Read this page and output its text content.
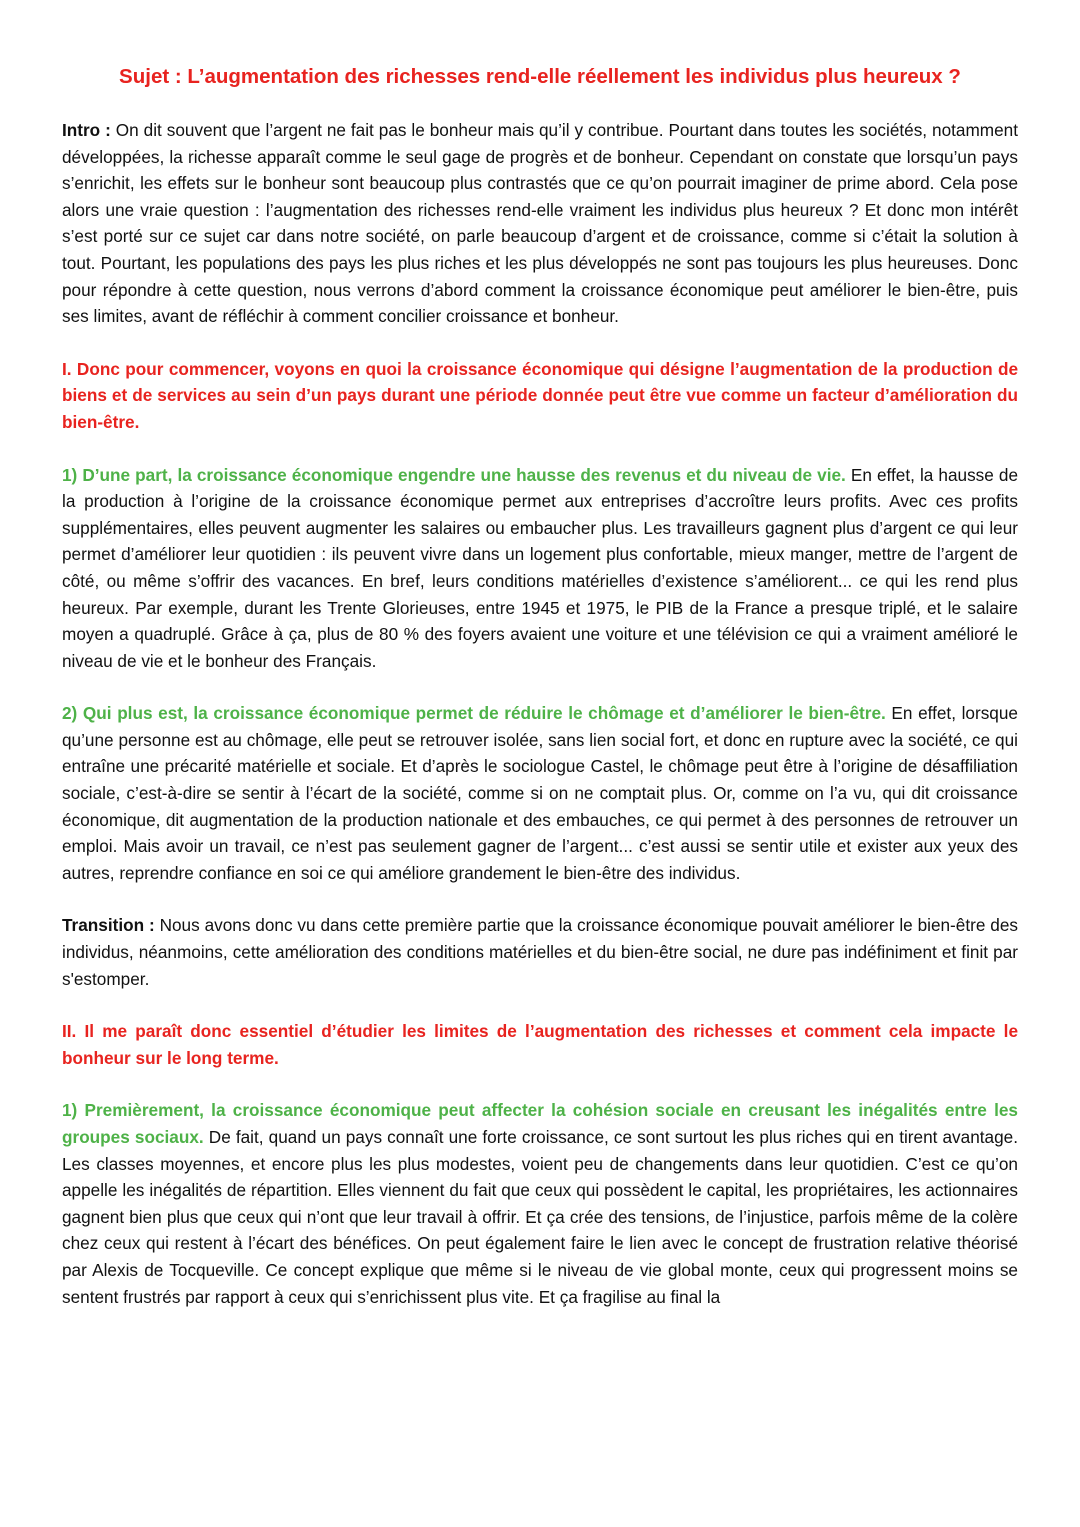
Sujet : L’augmentation des richesses rend-elle réellement les individus plus heureux ?

Intro : On dit souvent que l’argent ne fait pas le bonheur mais qu’il y contribue. Pourtant dans toutes les sociétés, notamment développées, la richesse apparaît comme le seul gage de progrès et de bonheur. Cependant on constate que lorsqu’un pays s’enrichit, les effets sur le bonheur sont beaucoup plus contrastés que ce qu’on pourrait imaginer de prime abord. Cela pose alors une vraie question : l’augmentation des richesses rend-elle vraiment les individus plus heureux ? Et donc mon intérêt s’est porté sur ce sujet car dans notre société, on parle beaucoup d’argent et de croissance, comme si c’était la solution à tout. Pourtant, les populations des pays les plus riches et les plus développés ne sont pas toujours les plus heureuses. Donc pour répondre à cette question, nous verrons d’abord comment la croissance économique peut améliorer le bien-être, puis ses limites, avant de réfléchir à comment concilier croissance et bonheur.

I. Donc pour commencer, voyons en quoi la croissance économique qui désigne l’augmentation de la production de biens et de services au sein d’un pays durant une période donnée peut être vue comme un facteur d’amélioration du bien-être.

1) D’une part, la croissance économique engendre une hausse des revenus et du niveau de vie. En effet, la hausse de la production à l’origine de la croissance économique permet aux entreprises d’accroître leurs profits. Avec ces profits supplémentaires, elles peuvent augmenter les salaires ou embaucher plus. Les travailleurs gagnent plus d’argent ce qui leur permet d’améliorer leur quotidien : ils peuvent vivre dans un logement plus confortable, mieux manger, mettre de l’argent de côté, ou même s’offrir des vacances. En bref, leurs conditions matérielles d’existence s’améliorent... ce qui les rend plus heureux. Par exemple, durant les Trente Glorieuses, entre 1945 et 1975, le PIB de la France a presque triplé, et le salaire moyen a quadruplé. Grâce à ça, plus de 80 % des foyers avaient une voiture et une télévision ce qui a vraiment amélioré le niveau de vie et le bonheur des Français.

2) Qui plus est, la croissance économique permet de réduire le chômage et d’améliorer le bien-être. En effet, lorsque qu’une personne est au chômage, elle peut se retrouver isolée, sans lien social fort, et donc en rupture avec la société, ce qui entraîne une précarité matérielle et sociale. Et d’après le sociologue Castel, le chômage peut être à l’origine de désaffiliation sociale, c’est-à-dire se sentir à l’écart de la société, comme si on ne comptait plus. Or, comme on l’a vu, qui dit croissance économique, dit augmentation de la production nationale et des embauches, ce qui permet à des personnes de retrouver un emploi. Mais avoir un travail, ce n’est pas seulement gagner de l’argent... c’est aussi se sentir utile et exister aux yeux des autres, reprendre confiance en soi ce qui améliore grandement le bien-être des individus.

Transition : Nous avons donc vu dans cette première partie que la croissance économique pouvait améliorer le bien-être des individus, néanmoins, cette amélioration des conditions matérielles et du bien-être social, ne dure pas indéfiniment et finit par s'estomper.

II. Il me paraît donc essentiel d’étudier les limites de l’augmentation des richesses et comment cela impacte le bonheur sur le long terme.

1) Premièrement, la croissance économique peut affecter la cohésion sociale en creusant les inégalités entre les groupes sociaux. De fait, quand un pays connaît une forte croissance, ce sont surtout les plus riches qui en tirent avantage. Les classes moyennes, et encore plus les plus modestes, voient peu de changements dans leur quotidien. C’est ce qu’on appelle les inégalités de répartition. Elles viennent du fait que ceux qui possèdent le capital, les propriétaires, les actionnaires gagnent bien plus que ceux qui n’ont que leur travail à offrir. Et ça crée des tensions, de l’injustice, parfois même de la colère chez ceux qui restent à l’écart des bénéfices. On peut également faire le lien avec le concept de frustration relative théorisé par Alexis de Tocqueville. Ce concept explique que même si le niveau de vie global monte, ceux qui progressent moins se sentent frustrés par rapport à ceux qui s’enrichissent plus vite. Et ça fragilise au final la
